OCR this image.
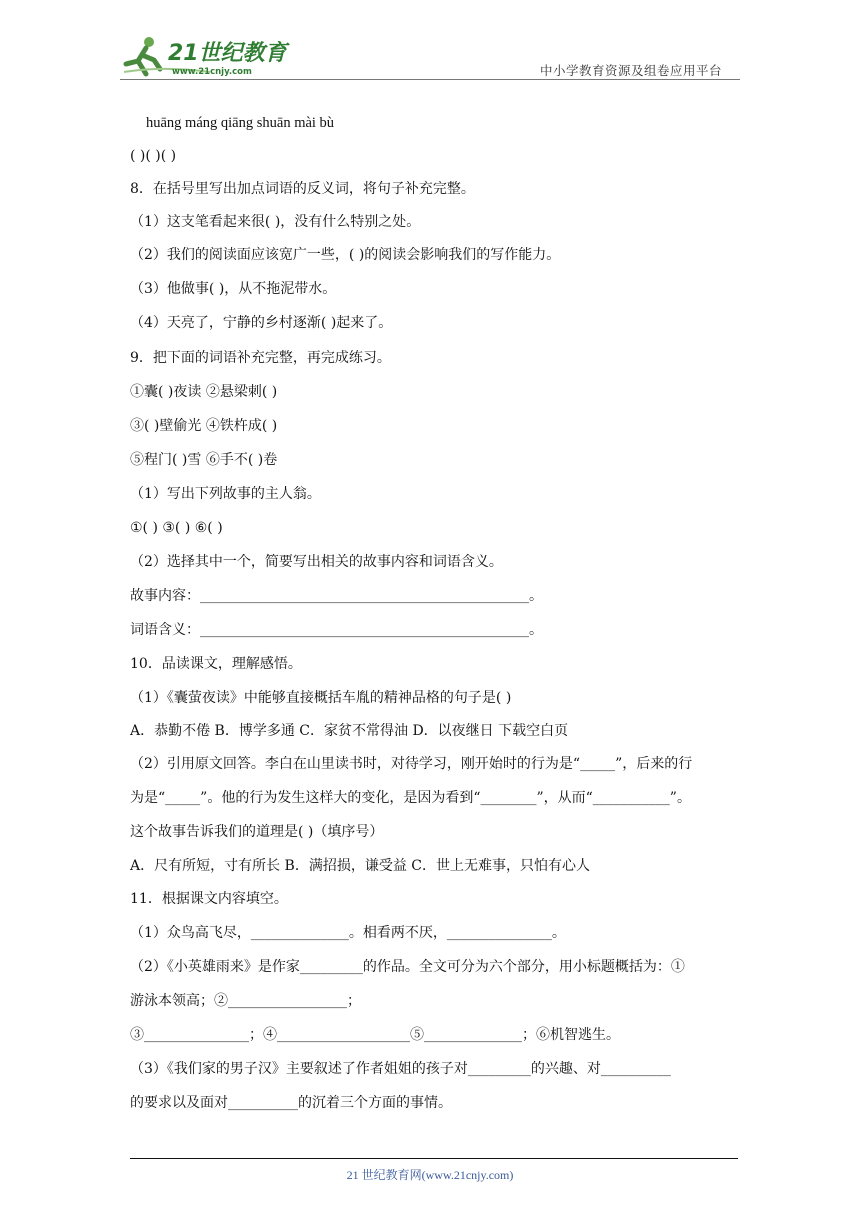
21世纪教育
www.21cnjy.com	中小学教育资源及组卷应用平台
huāng máng qiāng shuān mài bù
( )( )( )
8．在括号里写出加点词语的反义词，将句子补充完整。
（1）这支笔看起来很( )，没有什么特别之处。
（2）我们的阅读面应该宽广一些，( )的阅读会影响我们的写作能力。
（3）他做事( )，从不拖泥带水。
（4）天亮了，宁静的乡村逐渐( )起来了。
9．把下面的词语补充完整，再完成练习。
①囊( )夜读 ②悬梁刺( )
③( )壁偷光 ④铁杵成( )
⑤程门( )雪 ⑥手不( )卷
（1）写出下列故事的主人翁。
①( ) ③( ) ⑥( )
（2）选择其中一个，简要写出相关的故事内容和词语含义。
故事内容：_______________________________________________。
词语含义：_______________________________________________。
10．品读课文，理解感悟。
（1）《囊萤夜读》中能够直接概括车胤的精神品格的句子是( )
A．恭勤不倦 B．博学多通 C．家贫不常得油 D．以夜继日 下载空白页
（2）引用原文回答。李白在山里读书时，对待学习，刚开始时的行为是“_____”，后来的行
为是“_____”。他的行为发生这样大的变化，是因为看到“________”，从而“___________”。
这个故事告诉我们的道理是( )（填序号）
A．尺有所短，寸有所长 B．满招损，谦受益 C．世上无难事，只怕有心人
11．根据课文内容填空。
（1）众鸟高飞尽，______________。相看两不厌，_______________。
（2）《小英雄雨来》是作家_________的作品。全文可分为六个部分，用小标题概括为：①
游泳本领高；②_________________；
③_______________；④___________________⑤______________；⑥机智逃生。
（3）《我们家的男子汉》主要叙述了作者姐姐的孩子对_________的兴趣、对__________
的要求以及面对__________的沉着三个方面的事情。
21 世纪教育网(www.21cnjy.com)
